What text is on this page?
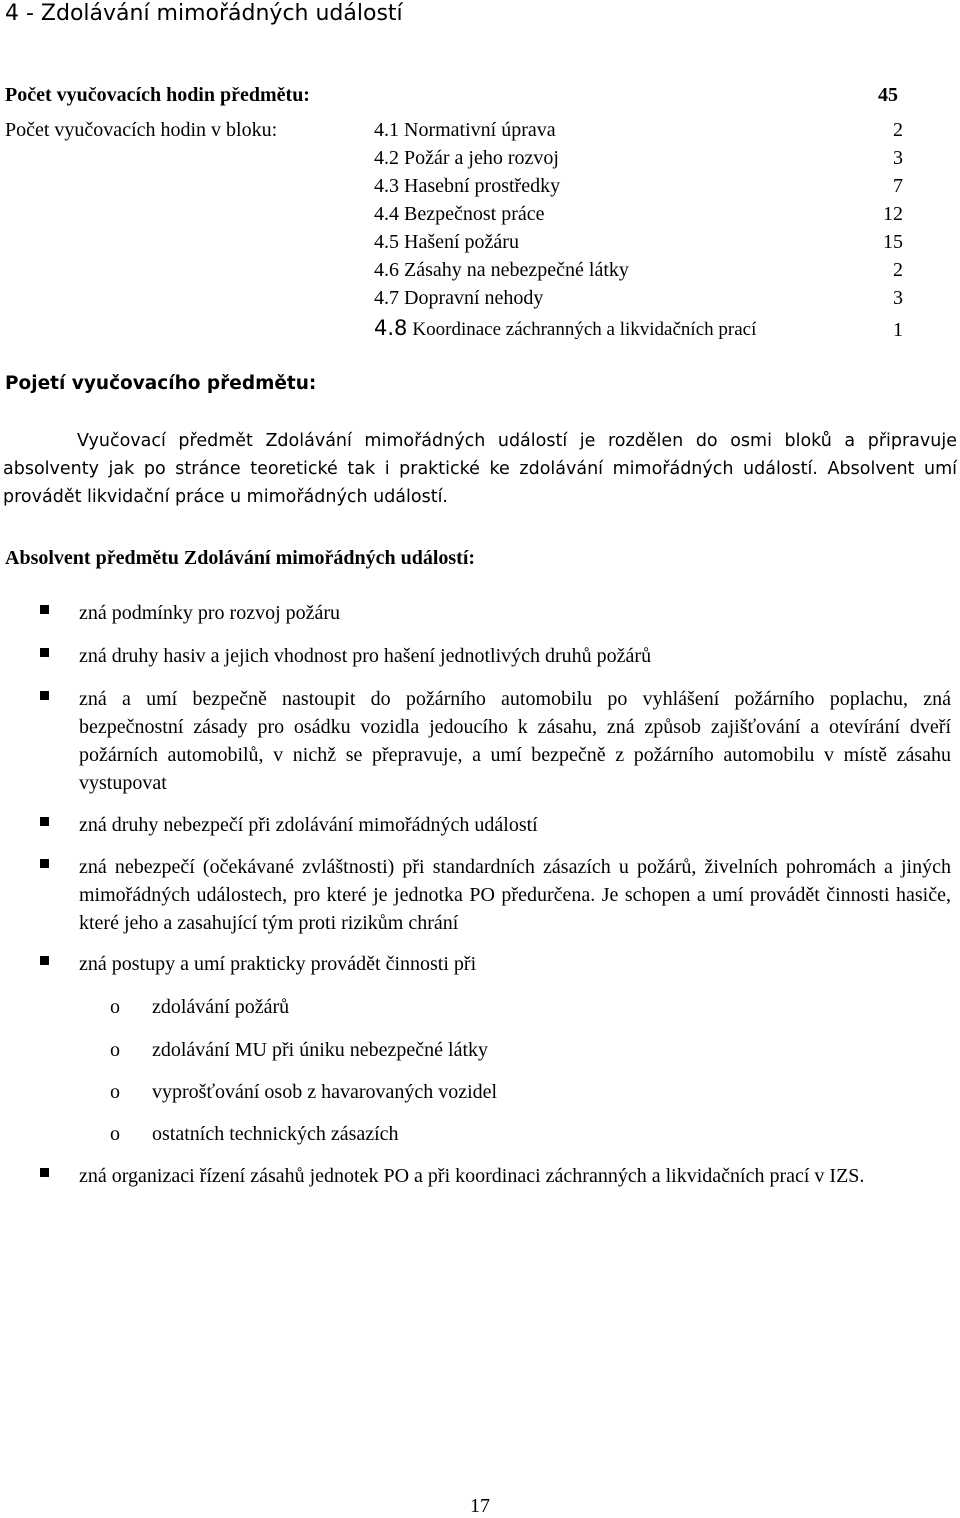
4 - Zdolávání mimořádných událostí
Počet vyučovacích hodin předmětu:	45
Počet vyučovacích hodin v bloku:	4.1 Normativní úprava	2
4.2 Požár a jeho rozvoj	3
4.3 Hasební prostředky	7
4.4 Bezpečnost práce	12
4.5 Hašení požáru	15
4.6 Zásahy na nebezpečné látky	2
4.7 Dopravní nehody	3
4.8 Koordinace záchranných a likvidačních prací	1
Pojetí vyučovacího předmětu:
Vyučovací předmět Zdolávání mimořádných událostí je rozdělen do osmi bloků a připravuje absolventy jak po stránce teoretické tak i praktické ke zdolávání mimořádných událostí. Absolvent umí provádět likvidační práce u mimořádných událostí.
Absolvent předmětu Zdolávání mimořádných událostí:
zná podmínky pro rozvoj požáru
zná druhy hasiv a jejich vhodnost pro hašení jednotlivých druhů požárů
zná a umí bezpečně nastoupit do požárního automobilu po vyhlášení požárního poplachu, zná bezpečnostní zásady pro osádku vozidla jedoucího k zásahu, zná způsob zajišťování a otevírání dveří požárních automobilů, v nichž se přepravuje, a umí bezpečně z požárního automobilu v místě zásahu vystupovat
zná druhy nebezpečí při zdolávání mimořádných událostí
zná nebezpečí (očekávané zvláštnosti) při standardních zásazích u požárů, živelních pohromách a jiných mimořádných událostech, pro které je jednotka PO předurčena. Je schopen a umí provádět činnosti hasiče, které jeho a zasahující tým proti rizikům chrání
zná postupy a umí prakticky provádět činnosti při
o zdolávání požárů
o zdolávání MU při úniku nebezpečné látky
o vyprošťování osob z havarovaných vozidel
o ostatních technických zásazích
zná organizaci řízení zásahů jednotek PO a při koordinaci záchranných a likvidačních prací v IZS.
17
